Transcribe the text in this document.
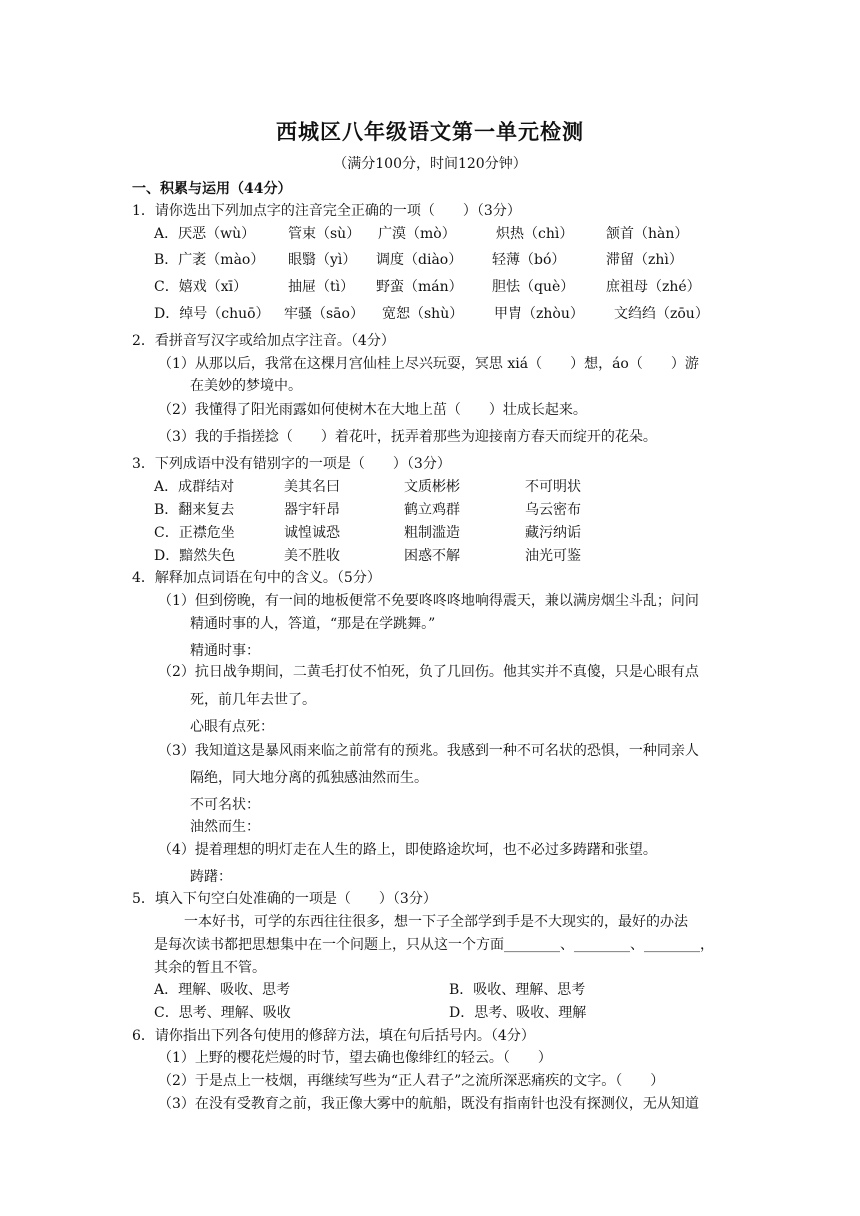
西城区八年级语文第一单元检测
（满分100分，时间120分钟）
一、积累与运用（44分）
1．请你选出下列加点字的注音完全正确的一项（　　）（3分）
A．厌恶（wù） 管束（sù） 广漠（mò）	炽热（chì） 颔首（hàn）
B．广袤（mào） 眼翳（yì） 调度（diào） 轻薄（bó）	滞留（zhì）
C．嬉戏（xī）	抽屉（tì） 野蛮（mán） 胆怯（què） 庶祖母（zhé）
D．绰号（chuō） 牢骚（sāo） 宽恕（shù） 甲胄（zhòu） 文绉绉（zōu）
2．看拼音写汉字或给加点字注音。（4分）
（1）从那以后，我常在这棵月宫仙桂上尽兴玩耍，冥思 xiá（　　）想，áo（　　）游
在美妙的梦境中。
（2）我懂得了阳光雨露如何使树木在大地上茁（　　）壮成长起来。
（3）我的手指搓捻（　　）着花叶，抚弄着那些为迎接南方春天而绽开的花朵。
3．下列成语中没有错别字的一项是（　　）（3分）
A．成群结对	美其名曰	文质彬彬	不可明状
B．翻来复去	器宇轩昂	鹤立鸡群	乌云密布
C．正襟危坐	诚惶诚恐	粗制滥造	藏污纳诟
D．黯然失色	美不胜收	困惑不解	油光可鉴
4．解释加点词语在句中的含义。（5分）
（1）但到傍晚，有一间的地板便常不免要咚咚咚地响得震天，兼以满房烟尘斗乱；问问
精通时事的人，答道，“那是在学跳舞。”
精通时事：
（2）抗日战争期间，二黄毛打仗不怕死，负了几回伤。他其实并不真傻，只是心眼有点
死，前几年去世了。
心眼有点死：
（3）我知道这是暴风雨来临之前常有的预兆。我感到一种不可名状的恐惧，一种同亲人
隔绝，同大地分离的孤独感油然而生。
不可名状：
油然而生：
（4）提着理想的明灯走在人生的路上，即使路途坎坷，也不必过多踌躇和张望。
踌躇：
5．填入下句空白处准确的一项是（　　）（3分）
一本好书，可学的东西往往很多，想一下子全部学到手是不大现实的，最好的办法
是每次读书都把思想集中在一个问题上，只从这一个方面________、________、________，
其余的暂且不管。
A．理解、吸收、思考	B．吸收、理解、思考
C．思考、理解、吸收	D．思考、吸收、理解
6．请你指出下列各句使用的修辞方法，填在句后括号内。（4分）
（1）上野的樱花烂熳的时节，望去确也像绯红的轻云。（　　）
（2）于是点上一枝烟，再继续写些为“正人君子”之流所深恶痛疾的文字。（　　）
（3）在没有受教育之前，我正像大雾中的航船，既没有指南针也没有探测仪，无从知道
